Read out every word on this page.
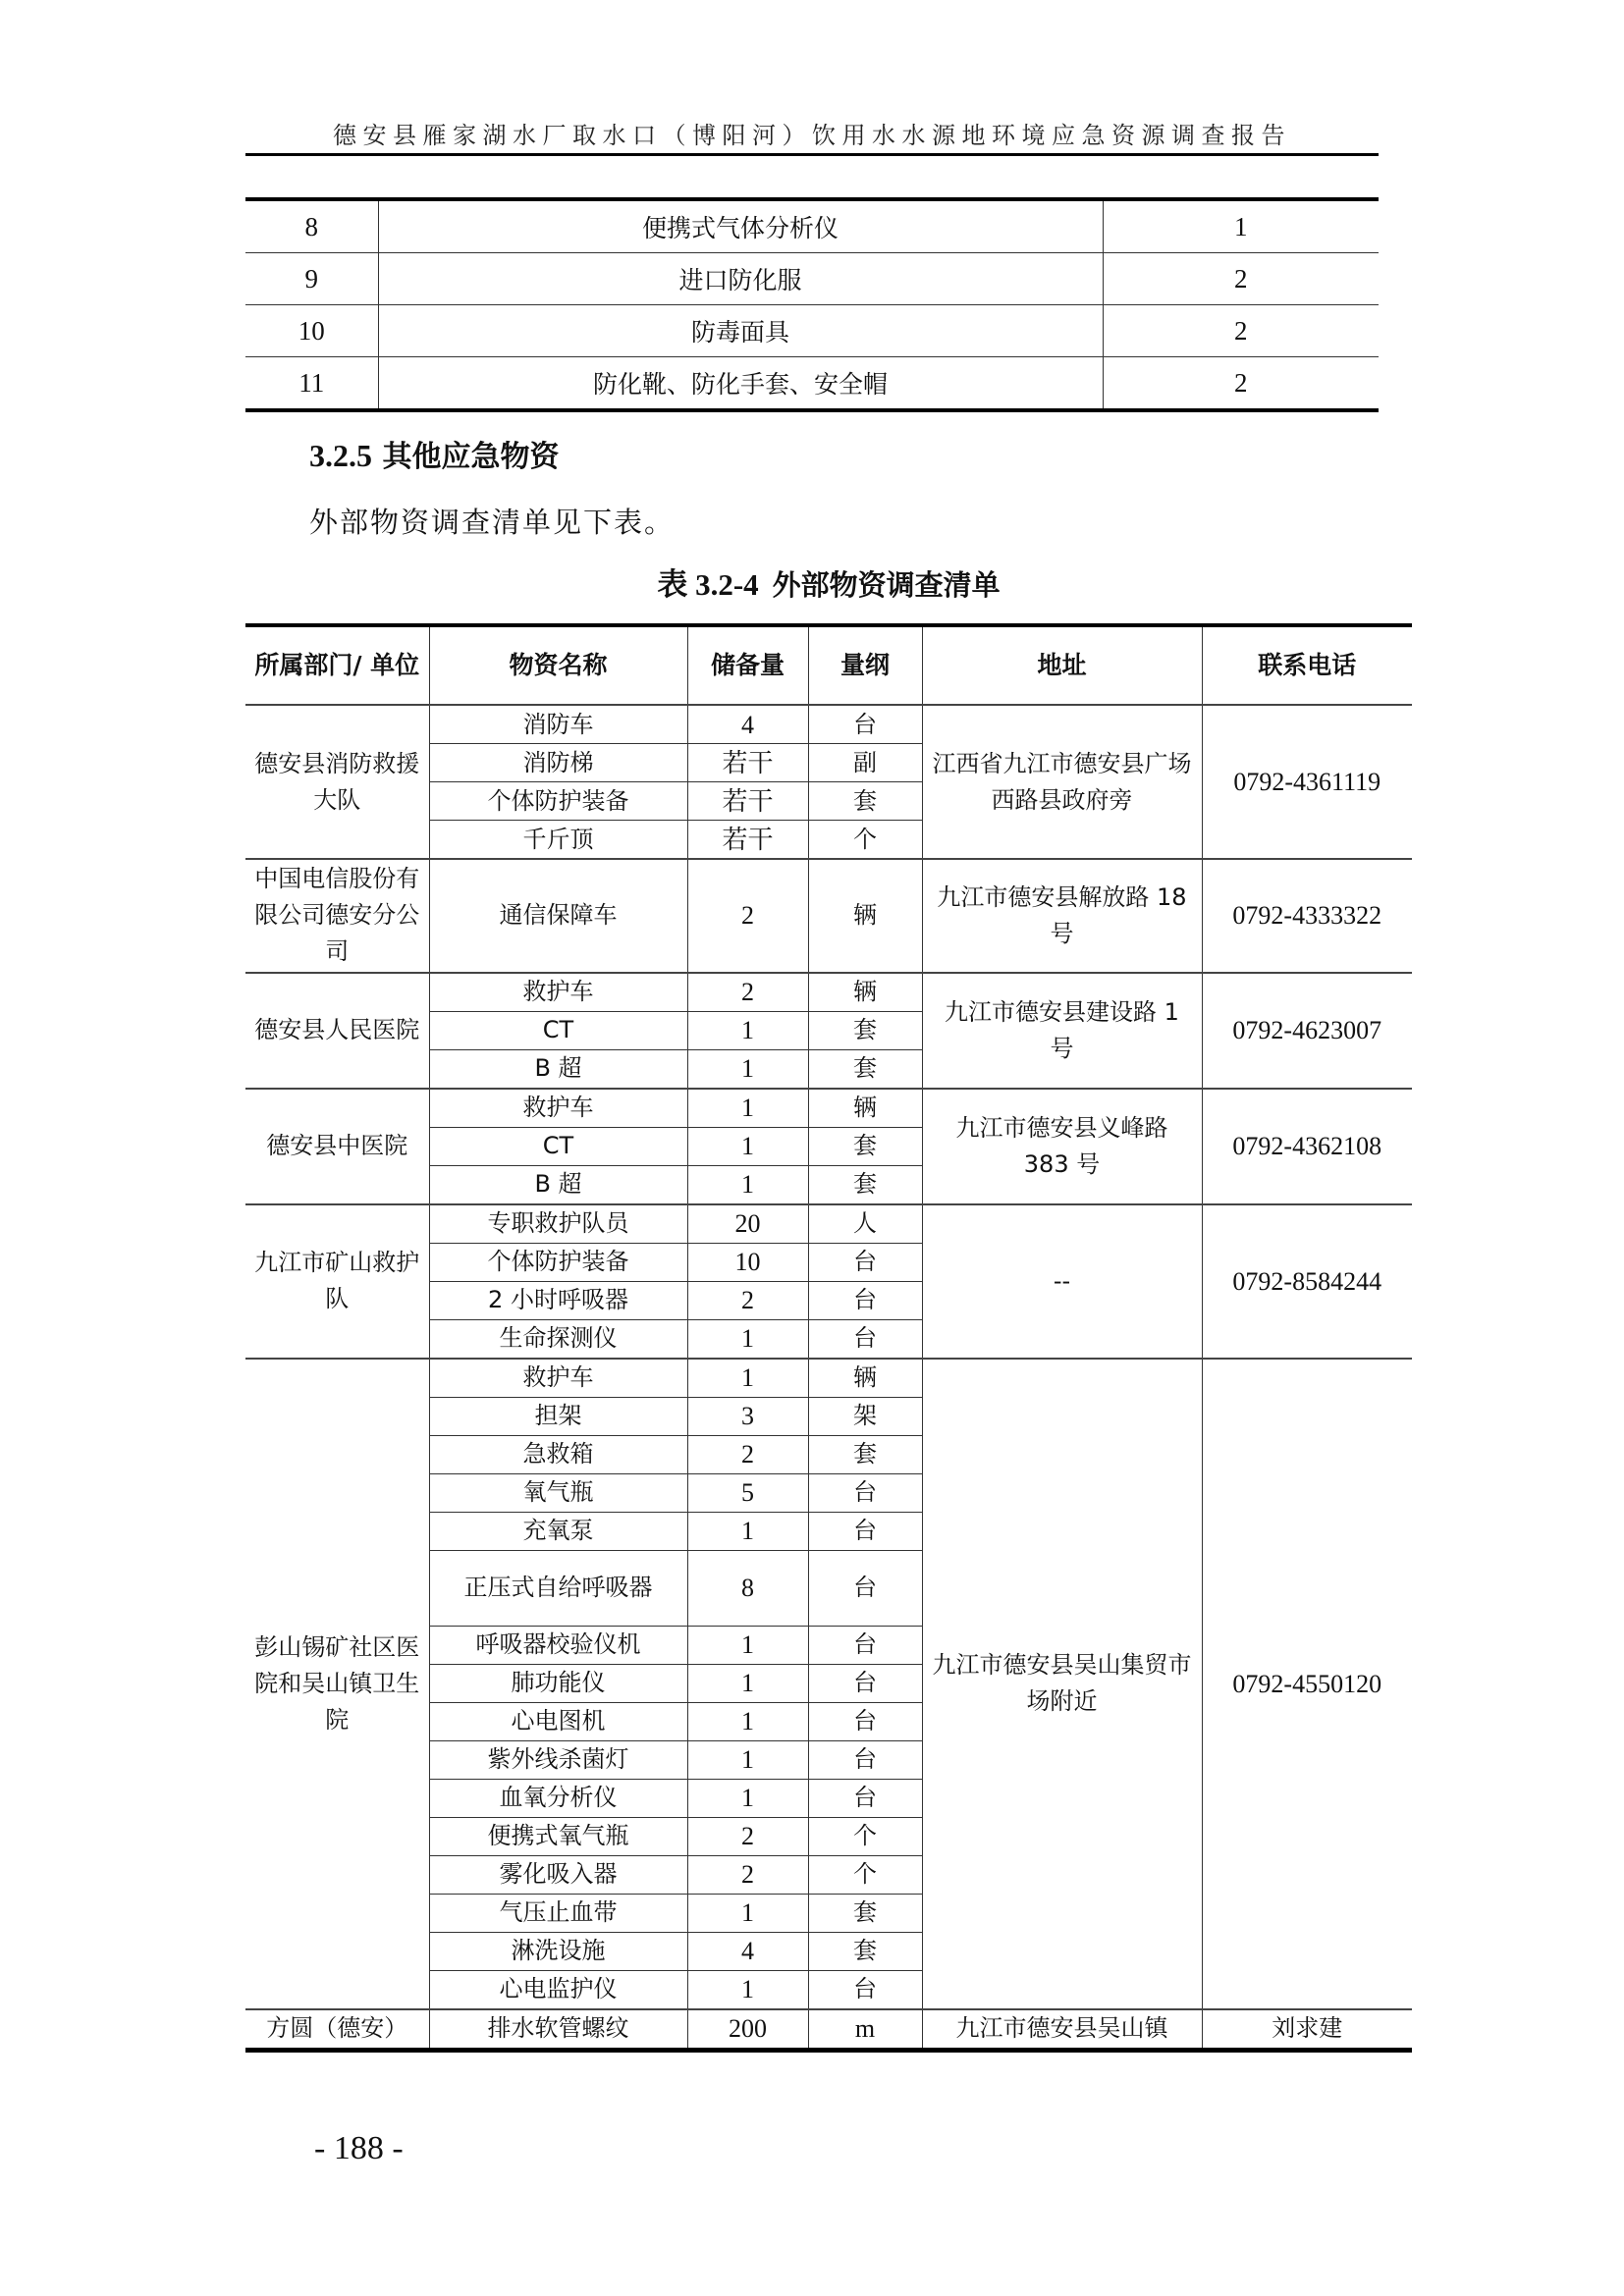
德安县雁家湖水厂取水口（博阳河）饮用水水源地环境应急资源调查报告
8	便携式气体分析仪	1
9	进口防化服	2
10	防毒面具	2
11	防化靴、防化手套、安全帽	2
3.2.5 其他应急物资
外部物资调查清单见下表。
表 3.2-4 外部物资调查清单
所属部门/ 单位	物资名称	储备量	量纲	地址	联系电话
德安县消防救援大队	消防车	4	台	江西省九江市德安县广场西路县政府旁	0792-4361119
	消防梯	若干	副		
	个体防护装备	若干	套		
	千斤顶	若干	个		
中国电信股份有限公司德安分公司	通信保障车	2	辆	九江市德安县解放路 18 号	0792-4333322
德安县人民医院	救护车	2	辆	九江市德安县建设路 1 号	0792-4623007
	CT	1	套		
	B 超	1	套		
德安县中医院	救护车	1	辆	九江市德安县义峰路 383 号	0792-4362108
	CT	1	套		
	B 超	1	套		
九江市矿山救护队	专职救护队员	20	人	--	0792-8584244
	个体防护装备	10	台		
	2 小时呼吸器	2	台		
	生命探测仪	1	台		
彭山锡矿社区医院和吴山镇卫生院	救护车	1	辆	九江市德安县吴山集贸市场附近	0792-4550120
	担架	3	架		
	急救箱	2	套		
	氧气瓶	5	台		
	充氧泵	1	台		
	正压式自给呼吸器	8	台		
	呼吸器校验仪机	1	台		
	肺功能仪	1	台		
	心电图机	1	台		
	紫外线杀菌灯	1	台		
	血氧分析仪	1	台		
	便携式氧气瓶	2	个		
	雾化吸入器	2	个		
	气压止血带	1	套		
	淋洗设施	4	套		
	心电监护仪	1	台		
方圆（德安）	排水软管螺纹	200	m	九江市德安县吴山镇	刘求建
- 188 -
